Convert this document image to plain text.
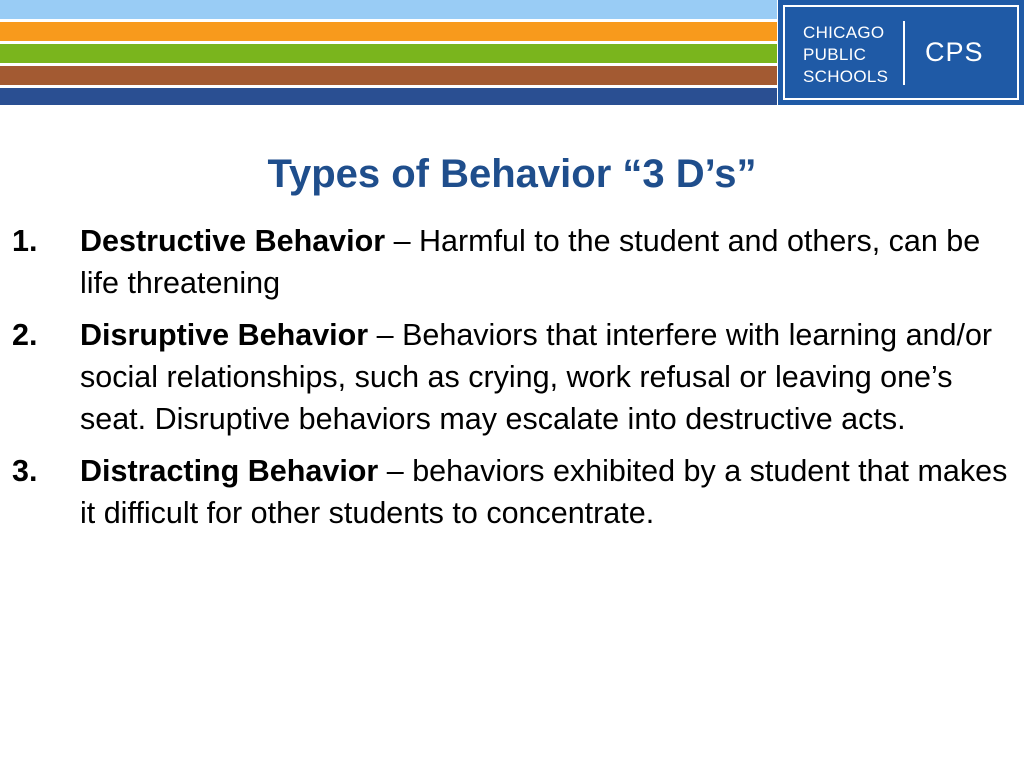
CHICAGO
PUBLIC
SCHOOLS
CPS
Types of Behavior “3 D’s”
1. Destructive Behavior – Harmful to the student and others, can be life threatening
2. Disruptive Behavior – Behaviors that interfere with learning and/or social relationships, such as crying, work refusal or leaving one’s seat. Disruptive behaviors may escalate into destructive acts.
3. Distracting Behavior – behaviors exhibited by a student that makes it difficult for other students to concentrate.
